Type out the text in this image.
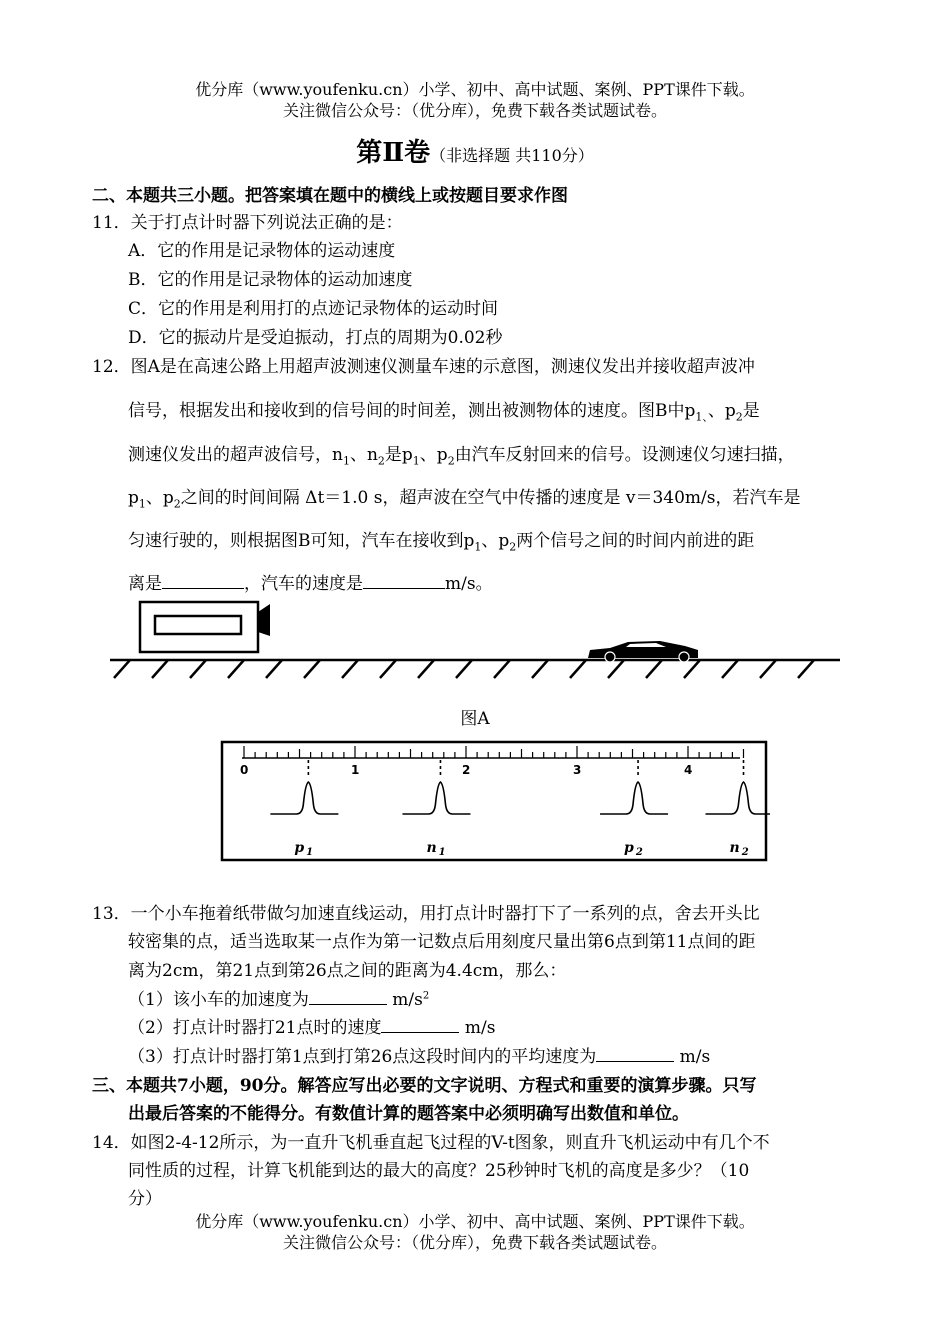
优分库（www.youfenku.cn）小学、初中、高中试题、案例、PPT课件下载。
关注微信公众号：（优分库），免费下载各类试题试卷。
第Ⅱ卷（非选择题 共110分）
二、本题共三小题。把答案填在题中的横线上或按题目要求作图
11．关于打点计时器下列说法正确的是：
A．它的作用是记录物体的运动速度
B．它的作用是记录物体的运动加速度
C．它的作用是利用打的点迹记录物体的运动时间
D．它的振动片是受迫振动，打点的周期为0.02秒
12．图A是在高速公路上用超声波测速仪测量车速的示意图，测速仪发出并接收超声波冲
信号，根据发出和接收到的信号间的时间差，测出被测物体的速度。图B中$p_{1、}$、$p_2$是
测速仪发出的超声波信号，$n_1$、$n_2$是$p_1$、$p_2$由汽车反射回来的信号。设测速仪匀速扫描，
$p_1$、$p_2$之间的时间间隔 Δt＝1.0 s，超声波在空气中传播的速度是 v＝340m/s，若汽车是
匀速行驶的，则根据图B可知，汽车在接收到$p_1$、$p_2$两个信号之间的时间内前进的距
离是	，汽车的速度是	m/s。
图A
0	1	2	3	4
p $_1$	n $_1$	p $_2$	n $_2$
13．一个小车拖着纸带做匀加速直线运动，用打点计时器打下了一系列的点，舍去开头比
较密集的点，适当选取某一点作为第一记数点后用刻度尺量出第6点到第11点间的距
离为2cm，第21点到第26点之间的距离为4.4cm，那么：
（1）该小车的加速度为	$m/s^2$
（2）打点计时器打21点时的速度	m/s
（3）打点计时器打第1点到打第26点这段时间内的平均速度为	m/s
三、本题共7小题，90分。解答应写出必要的文字说明、方程式和重要的演算步骤。只写
出最后答案的不能得分。有数值计算的题答案中必须明确写出数值和单位。
14．如图2-4-12所示，为一直升飞机垂直起飞过程的V-t图象，则直升飞机运动中有几个不
同性质的过程，计算飞机能到达的最大的高度？25秒钟时飞机的高度是多少？（10
分）
优分库（www.youfenku.cn）小学、初中、高中试题、案例、PPT课件下载。
关注微信公众号：（优分库），免费下载各类试题试卷。
